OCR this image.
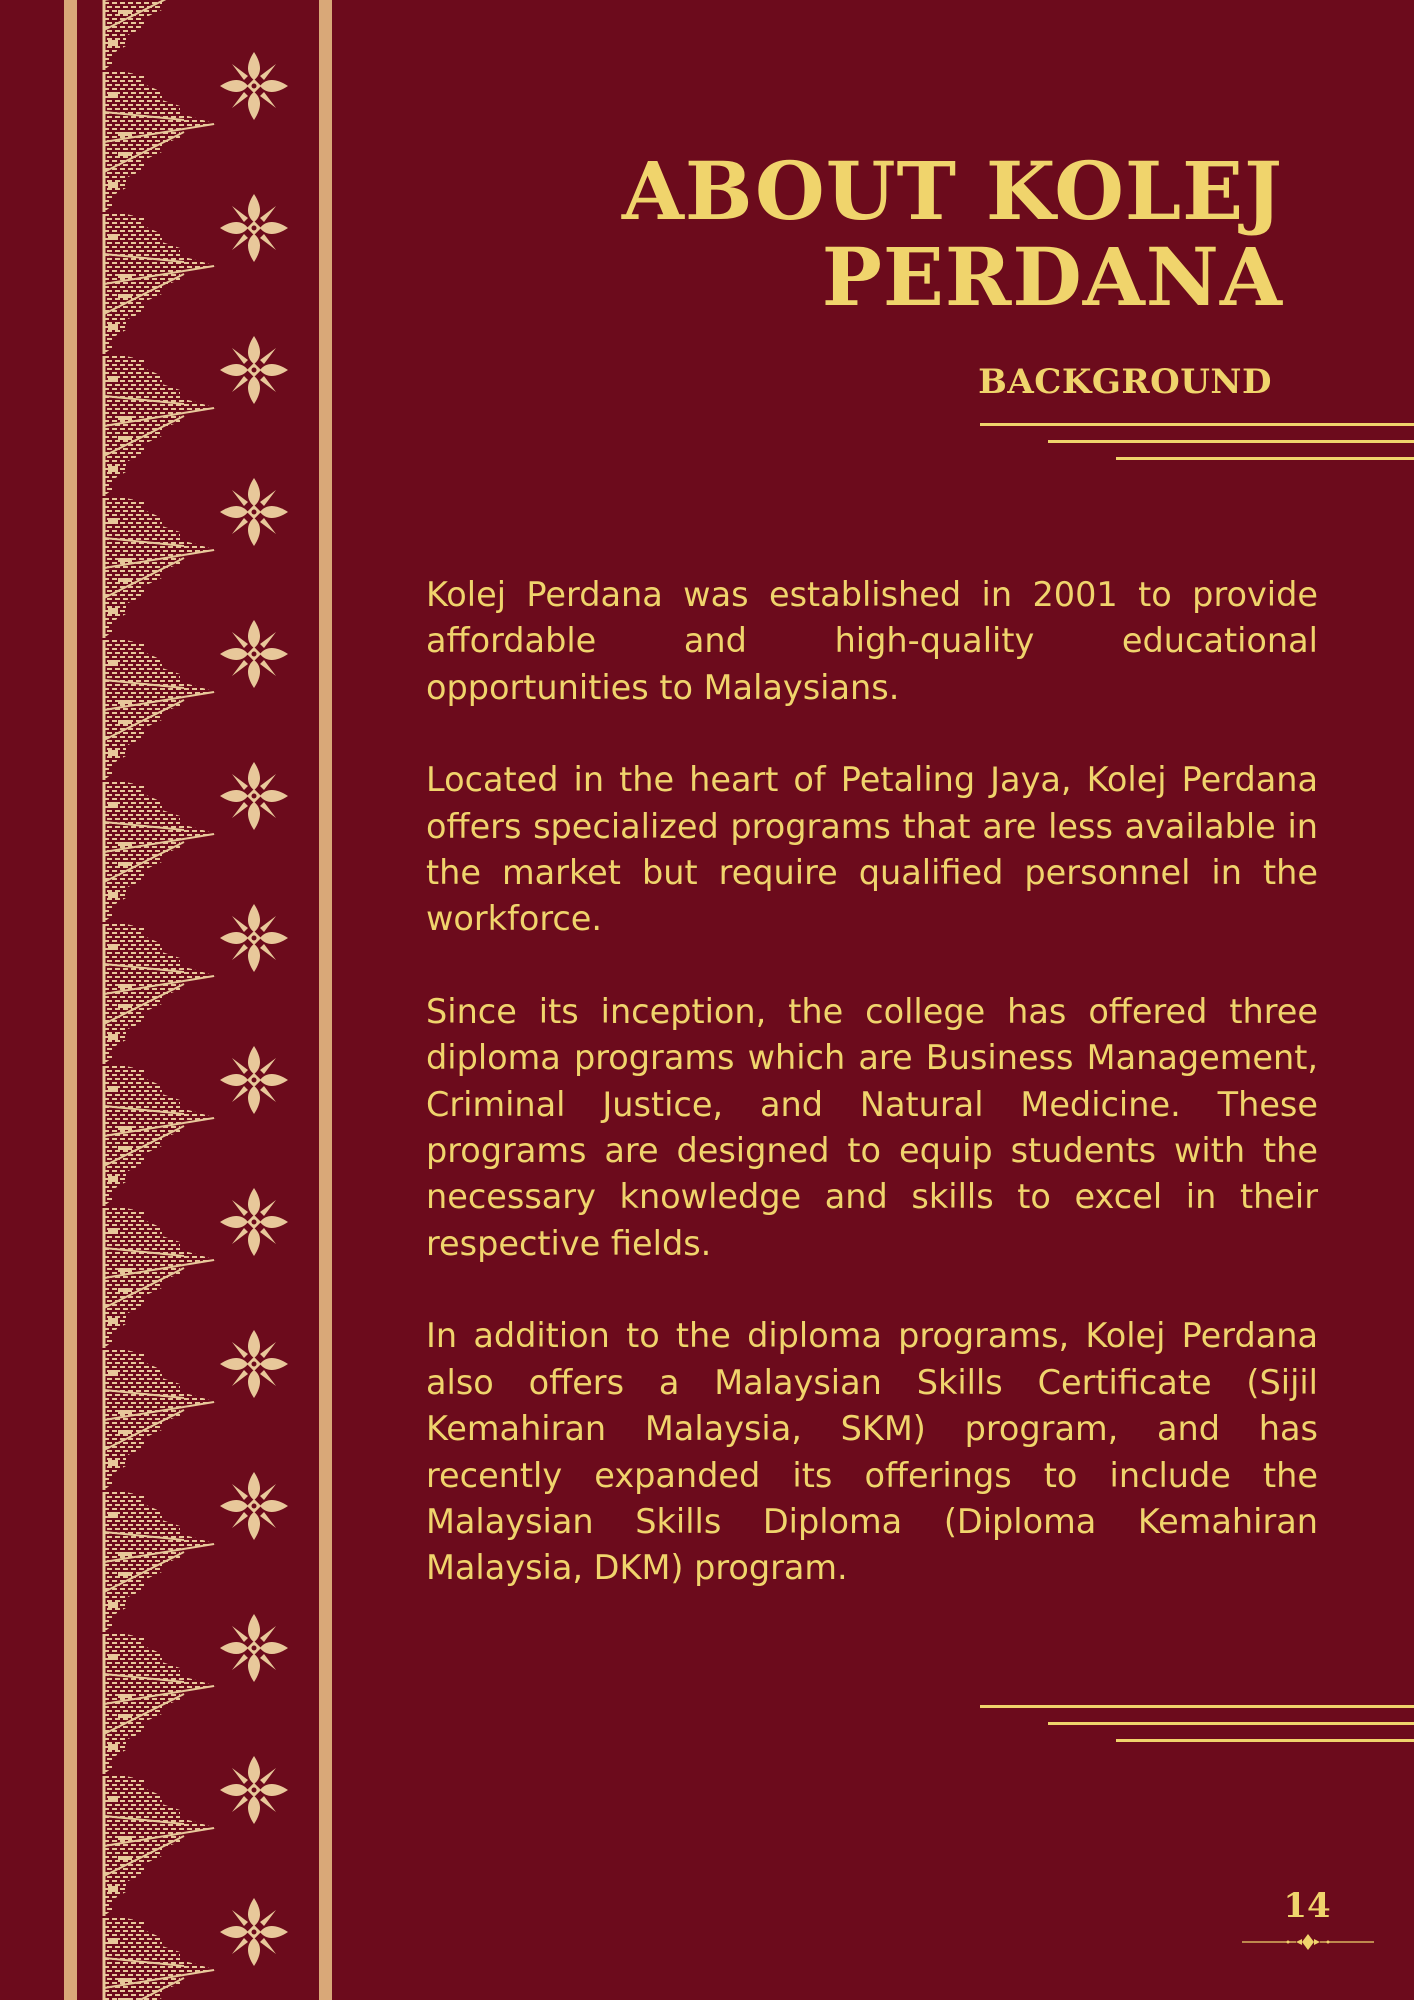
ABOUT KOLEJ
PERDANA
BACKGROUND

Kolej Perdana was established in 2001 to provide affordable and high-quality educational opportunities to Malaysians.

Located in the heart of Petaling Jaya, Kolej Perdana offers specialized programs that are less available in the market but require qualified personnel in the workforce.

Since its inception, the college has offered three diploma programs which are Business Management, Criminal Justice, and Natural Medicine. These programs are designed to equip students with the necessary knowledge and skills to excel in their respective fields.

In addition to the diploma programs, Kolej Perdana also offers a Malaysian Skills Certificate (Sijil Kemahiran Malaysia, SKM) program, and has recently expanded its offerings to include the Malaysian Skills Diploma (Diploma Kemahiran Malaysia, DKM) program.

14
